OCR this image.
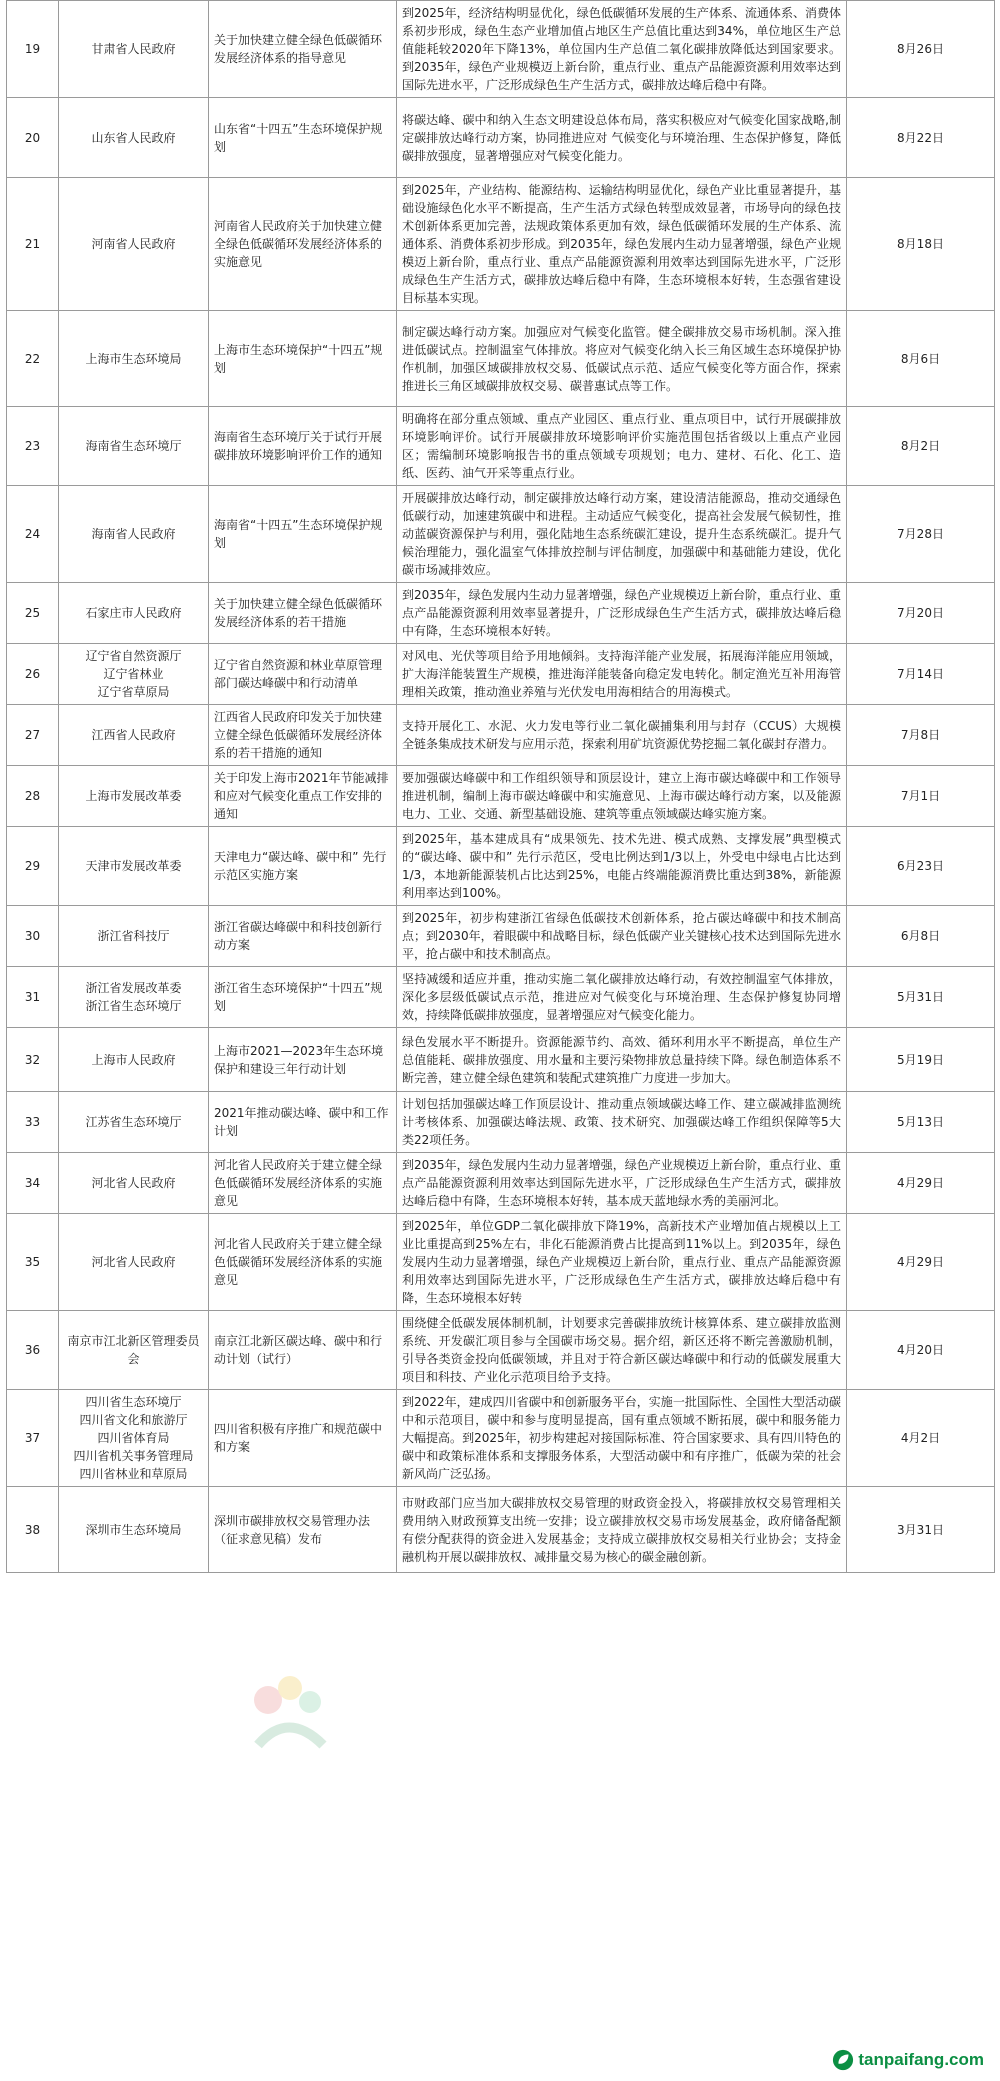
19	甘肃省人民政府	关于加快建立健全绿色低碳循环发展经济体系的指导意见	到2025年，经济结构明显优化，绿色低碳循环发展的生产体系、流通体系、消费体系初步形成，绿色生态产业增加值占地区生产总值比重达到34%，单位地区生产总值能耗较2020年下降13%，单位国内生产总值二氧化碳排放降低达到国家要求。到2035年，绿色产业规模迈上新台阶，重点行业、重点产品能源资源利用效率达到国际先进水平，广泛形成绿色生产生活方式，碳排放达峰后稳中有降。	8月26日
20	山东省人民政府	山东省“十四五”生态环境保护规划	将碳达峰、碳中和纳入生态文明建设总体布局，落实积极应对气候变化国家战略,制定碳排放达峰行动方案，协同推进应对 气候变化与环境治理、生态保护修复，降低碳排放强度，显著增强应对气候变化能力。	8月22日
21	河南省人民政府	河南省人民政府关于加快建立健全绿色低碳循环发展经济体系的实施意见	到2025年，产业结构、能源结构、运输结构明显优化，绿色产业比重显著提升，基础设施绿色化水平不断提高，生产生活方式绿色转型成效显著，市场导向的绿色技术创新体系更加完善，法规政策体系更加有效，绿色低碳循环发展的生产体系、流通体系、消费体系初步形成。到2035年，绿色发展内生动力显著增强，绿色产业规模迈上新台阶，重点行业、重点产品能源资源利用效率达到国际先进水平，广泛形成绿色生产生活方式，碳排放达峰后稳中有降，生态环境根本好转，生态强省建设目标基本实现。	8月18日
22	上海市生态环境局	上海市生态环境保护“十四五”规划	制定碳达峰行动方案。加强应对气候变化监管。健全碳排放交易市场机制。深入推进低碳试点。控制温室气体排放。将应对气候变化纳入长三角区域生态环境保护协作机制，加强区域碳排放权交易、低碳试点示范、适应气候变化等方面合作，探索推进长三角区域碳排放权交易、碳普惠试点等工作。	8月6日
23	海南省生态环境厅	海南省生态环境厅关于试行开展碳排放环境影响评价工作的通知	明确将在部分重点领域、重点产业园区、重点行业、重点项目中，试行开展碳排放环境影响评价。试行开展碳排放环境影响评价实施范围包括省级以上重点产业园区；需编制环境影响报告书的重点领域专项规划；电力、建材、石化、化工、造纸、医药、油气开采等重点行业。	8月2日
24	海南省人民政府	海南省“十四五”生态环境保护规划	开展碳排放达峰行动，制定碳排放达峰行动方案，建设清洁能源岛，推动交通绿色低碳行动，加速建筑碳中和进程。主动适应气候变化，提高社会发展气候韧性，推动蓝碳资源保护与利用，强化陆地生态系统碳汇建设，提升生态系统碳汇。提升气候治理能力，强化温室气体排放控制与评估制度，加强碳中和基础能力建设，优化碳市场减排效应。	7月28日
25	石家庄市人民政府	关于加快建立健全绿色低碳循环发展经济体系的若干措施	到2035年，绿色发展内生动力显著增强，绿色产业规模迈上新台阶，重点行业、重点产品能源资源利用效率显著提升，广泛形成绿色生产生活方式，碳排放达峰后稳中有降，生态环境根本好转。	7月20日
26	辽宁省自然资源厅
辽宁省林业
辽宁省草原局	辽宁省自然资源和林业草原管理部门碳达峰碳中和行动清单	对风电、光伏等项目给予用地倾斜。支持海洋能产业发展，拓展海洋能应用领域，扩大海洋能装置生产规模，推进海洋能装备向稳定发电转化。制定渔光互补用海管理相关政策，推动渔业养殖与光伏发电用海相结合的用海模式。	7月14日
27	江西省人民政府	江西省人民政府印发关于加快建立健全绿色低碳循环发展经济体系的若干措施的通知	支持开展化工、水泥、火力发电等行业二氧化碳捕集利用与封存（CCUS）大规模全链条集成技术研发与应用示范，探索利用矿坑资源优势挖掘二氧化碳封存潜力。	7月8日
28	上海市发展改革委	关于印发上海市2021年节能减排和应对气候变化重点工作安排的通知	要加强碳达峰碳中和工作组织领导和顶层设计，建立上海市碳达峰碳中和工作领导推进机制，编制上海市碳达峰碳中和实施意见、上海市碳达峰行动方案，以及能源电力、工业、交通、新型基础设施、建筑等重点领域碳达峰实施方案。	7月1日
29	天津市发展改革委	天津电力“碳达峰、碳中和” 先行示范区实施方案	到2025年，基本建成具有“成果领先、技术先进、模式成熟、支撑发展”典型模式的“碳达峰、碳中和” 先行示范区，受电比例达到1/3以上，外受电中绿电占比达到1/3，本地新能源装机占比达到25%，电能占终端能源消费比重达到38%，新能源利用率达到100%。	6月23日
30	浙江省科技厅	浙江省碳达峰碳中和科技创新行动方案	到2025年，初步构建浙江省绿色低碳技术创新体系，抢占碳达峰碳中和技术制高点；到2030年，着眼碳中和战略目标，绿色低碳产业关键核心技术达到国际先进水平，抢占碳中和技术制高点。	6月8日
31	浙江省发展改革委
浙江省生态环境厅	浙江省生态环境保护“十四五”规划	坚持减缓和适应并重，推动实施二氧化碳排放达峰行动，有效控制温室气体排放，深化多层级低碳试点示范，推进应对气候变化与环境治理、生态保护修复协同增效，持续降低碳排放强度，显著增强应对气候变化能力。	5月31日
32	上海市人民政府	上海市2021—2023年生态环境保护和建设三年行动计划	绿色发展水平不断提升。资源能源节约、高效、循环利用水平不断提高，单位生产总值能耗、碳排放强度、用水量和主要污染物排放总量持续下降。绿色制造体系不断完善，建立健全绿色建筑和装配式建筑推广力度进一步加大。	5月19日
33	江苏省生态环境厅	2021年推动碳达峰、碳中和工作计划	计划包括加强碳达峰工作顶层设计、推动重点领域碳达峰工作、建立碳减排监测统计考核体系、加强碳达峰法规、政策、技术研究、加强碳达峰工作组织保障等5大类22项任务。	5月13日
34	河北省人民政府	河北省人民政府关于建立健全绿色低碳循环发展经济体系的实施意见	到2035年，绿色发展内生动力显著增强，绿色产业规模迈上新台阶，重点行业、重点产品能源资源利用效率达到国际先进水平，广泛形成绿色生产生活方式，碳排放达峰后稳中有降，生态环境根本好转，基本成天蓝地绿水秀的美丽河北。	4月29日
35	河北省人民政府	河北省人民政府关于建立健全绿色低碳循环发展经济体系的实施意见	到2025年，单位GDP二氧化碳排放下降19%，高新技术产业增加值占规模以上工业比重提高到25%左右，非化石能源消费占比提高到11%以上。到2035年，绿色发展内生动力显著增强，绿色产业规模迈上新台阶，重点行业、重点产品能源资源利用效率达到国际先进水平，广泛形成绿色生产生活方式，碳排放达峰后稳中有降，生态环境根本好转	4月29日
36	南京市江北新区管理委员会	南京江北新区碳达峰、碳中和行动计划（试行）	围绕健全低碳发展体制机制，计划要求完善碳排放统计核算体系、建立碳排放监测系统、开发碳汇项目参与全国碳市场交易。据介绍，新区还将不断完善激励机制，引导各类资金投向低碳领域，并且对于符合新区碳达峰碳中和行动的低碳发展重大项目和科技、产业化示范项目给予支持。	4月20日
37	四川省生态环境厅
四川省文化和旅游厅
四川省体育局
四川省机关事务管理局
四川省林业和草原局	四川省积极有序推广和规范碳中和方案	到2022年，建成四川省碳中和创新服务平台，实施一批国际性、全国性大型活动碳中和示范项目，碳中和参与度明显提高，国有重点领域不断拓展，碳中和服务能力大幅提高。到2025年，初步构建起对接国际标准、符合国家要求、具有四川特色的碳中和政策标准体系和支撑服务体系，大型活动碳中和有序推广，低碳为荣的社会新风尚广泛弘扬。	4月2日
38	深圳市生态环境局	深圳市碳排放权交易管理办法（征求意见稿）发布	市财政部门应当加大碳排放权交易管理的财政资金投入，将碳排放权交易管理相关费用纳入财政预算支出统一安排；设立碳排放权交易市场发展基金，政府储备配额有偿分配获得的资金进入发展基金；支持成立碳排放权交易相关行业协会；支持金融机构开展以碳排放权、减排量交易为核心的碳金融创新。	3月31日
tanpaifang.com
